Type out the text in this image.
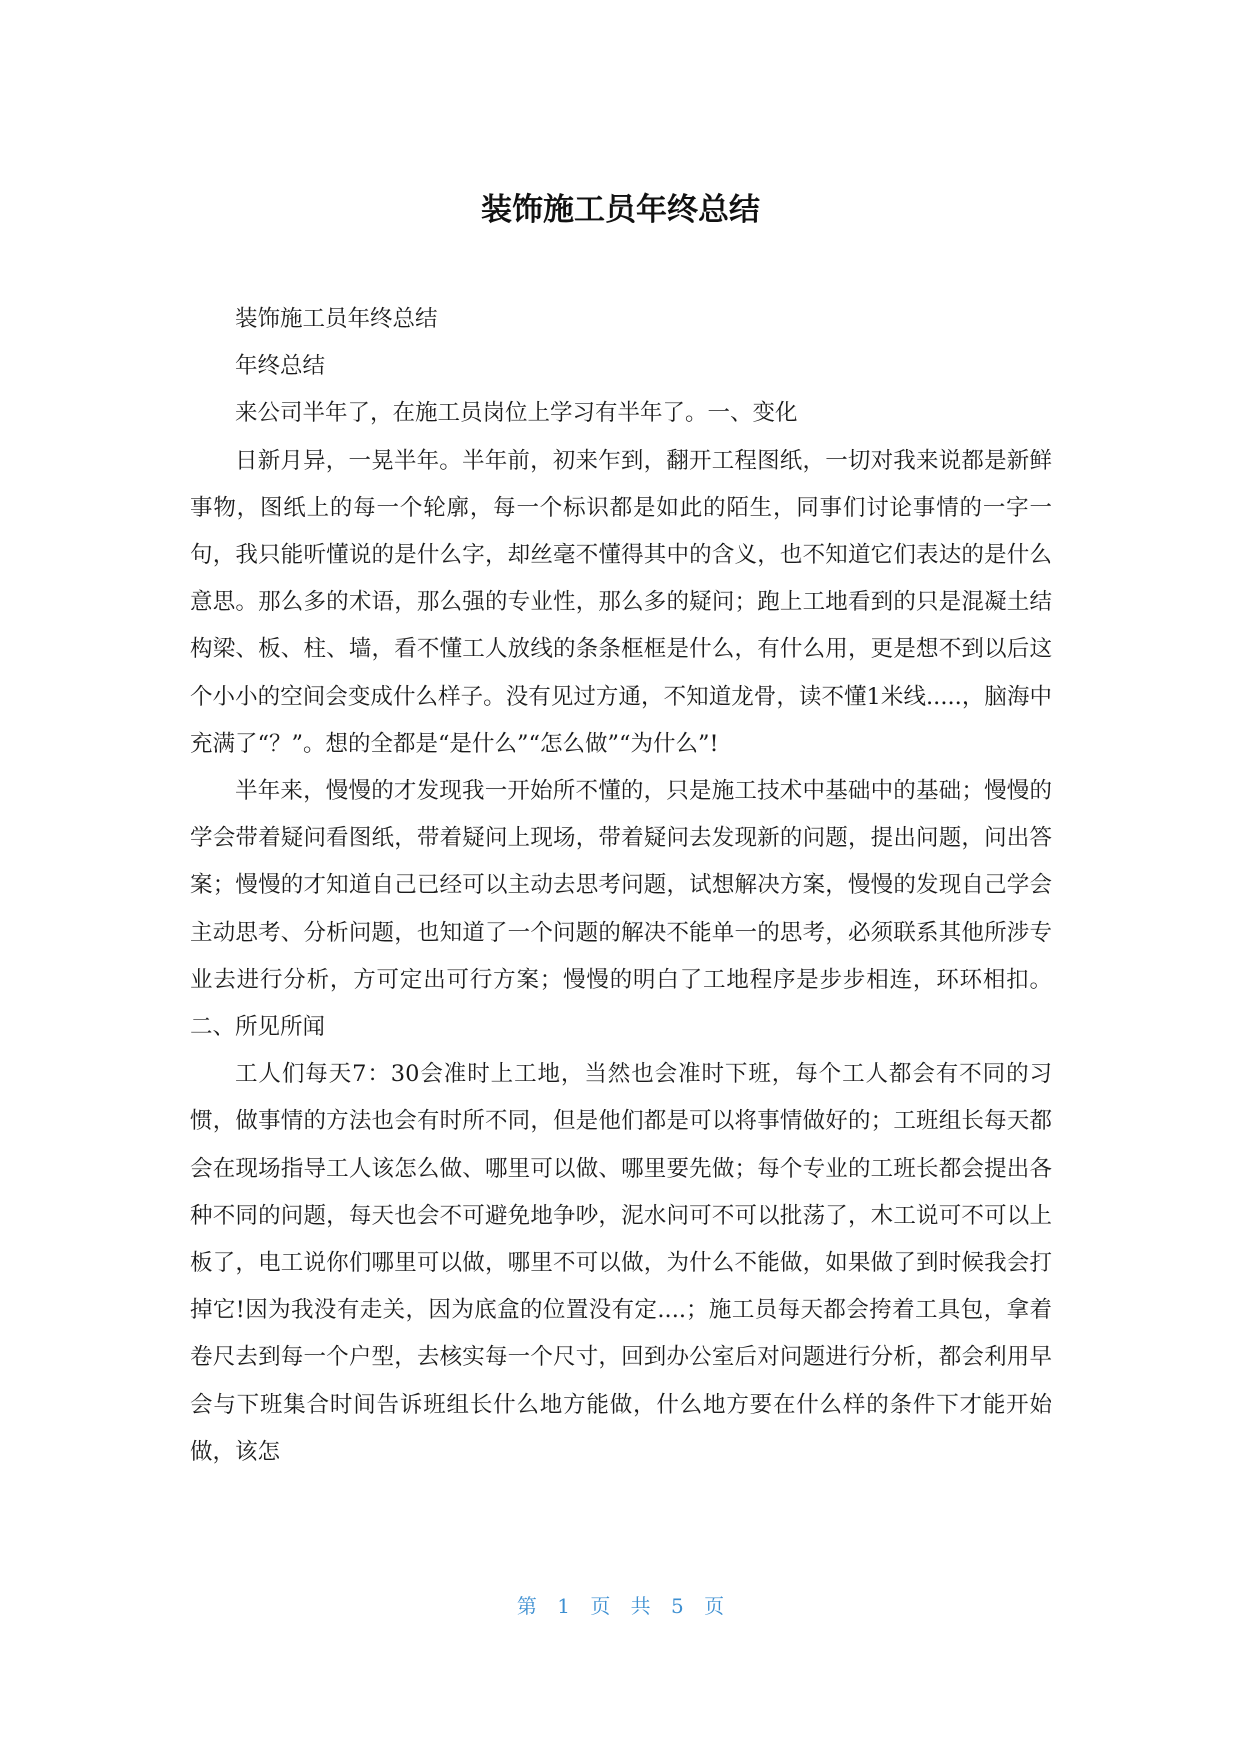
装饰施工员年终总结

装饰施工员年终总结

年终总结

来公司半年了，在施工员岗位上学习有半年了。一、变化

日新月异，一晃半年。半年前，初来乍到，翻开工程图纸，一切对我来说都是新鲜事物，图纸上的每一个轮廓，每一个标识都是如此的陌生，同事们讨论事情的一字一句，我只能听懂说的是什么字，却丝毫不懂得其中的含义，也不知道它们表达的是什么意思。那么多的术语，那么强的专业性，那么多的疑问；跑上工地看到的只是混凝土结构梁、板、柱、墙，看不懂工人放线的条条框框是什么，有什么用，更是想不到以后这个小小的空间会变成什么样子。没有见过方通，不知道龙骨，读不懂1米线.....，脑海中充满了“？”。想的全都是“是什么”“怎么做”“为什么”!

半年来，慢慢的才发现我一开始所不懂的，只是施工技术中基础中的基础；慢慢的学会带着疑问看图纸，带着疑问上现场，带着疑问去发现新的问题，提出问题，问出答案；慢慢的才知道自己已经可以主动去思考问题，试想解决方案，慢慢的发现自己学会主动思考、分析问题，也知道了一个问题的解决不能单一的思考，必须联系其他所涉专业去进行分析，方可定出可行方案；慢慢的明白了工地程序是步步相连，环环相扣。二、所见所闻

工人们每天7：30会准时上工地，当然也会准时下班，每个工人都会有不同的习惯，做事情的方法也会有时所不同，但是他们都是可以将事情做好的；工班组长每天都会在现场指导工人该怎么做、哪里可以做、哪里要先做；每个专业的工班长都会提出各种不同的问题，每天也会不可避免地争吵，泥水问可不可以批荡了，木工说可不可以上板了，电工说你们哪里可以做，哪里不可以做，为什么不能做，如果做了到时候我会打掉它!因为我没有走关，因为底盒的位置没有定....；施工员每天都会挎着工具包，拿着卷尺去到每一个户型，去核实每一个尺寸，回到办公室后对问题进行分析，都会利用早会与下班集合时间告诉班组长什么地方能做，什么地方要在什么样的条件下才能开始做，该怎

第 1 页 共 5 页
